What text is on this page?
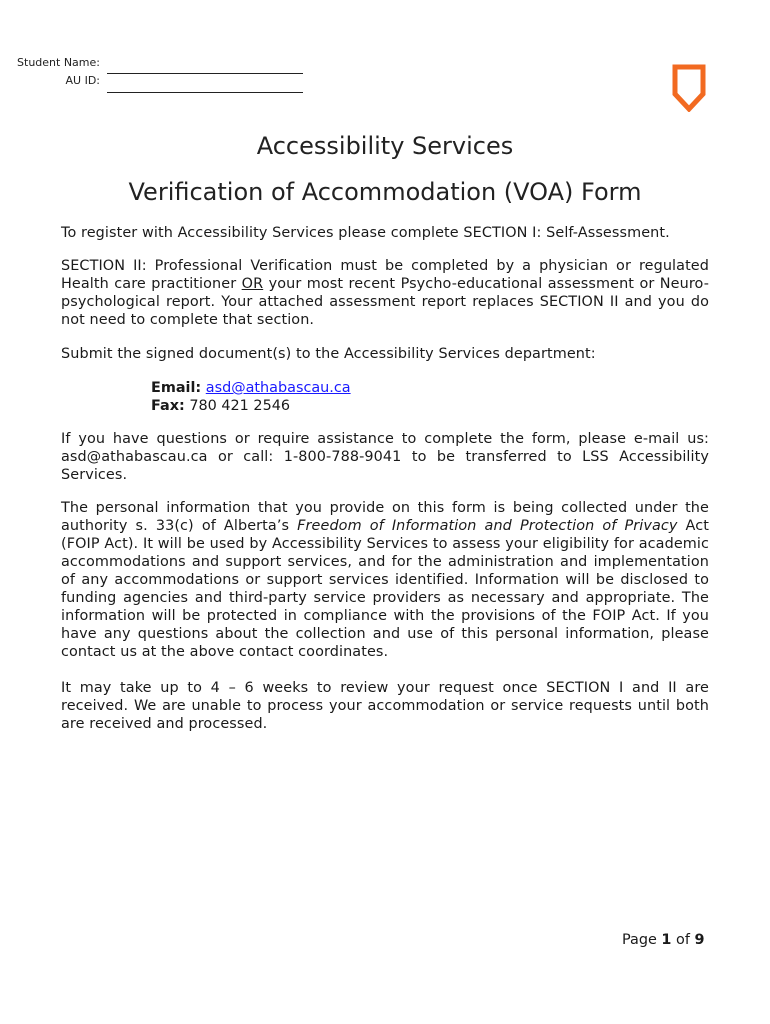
Student Name:
AU ID:
Accessibility Services
Verification of Accommodation (VOA) Form
To register with Accessibility Services please complete SECTION I: Self-Assessment.
SECTION II: Professional Verification must be completed by a physician or regulated Health care practitioner OR your most recent Psycho-educational assessment or Neuro-psychological report. Your attached assessment report replaces SECTION II and you do not need to complete that section.
Submit the signed document(s) to the Accessibility Services department:
Email: asd@athabascau.ca
Fax: 780 421 2546
If you have questions or require assistance to complete the form, please e-mail us: asd@athabascau.ca or call: 1-800-788-9041 to be transferred to LSS Accessibility Services.
The personal information that you provide on this form is being collected under the authority s. 33(c) of Alberta’s Freedom of Information and Protection of Privacy Act (FOIP Act). It will be used by Accessibility Services to assess your eligibility for academic accommodations and support services, and for the administration and implementation of any accommodations or support services identified. Information will be disclosed to funding agencies and third-party service providers as necessary and appropriate. The information will be protected in compliance with the provisions of the FOIP Act. If you have any questions about the collection and use of this personal information, please contact us at the above contact coordinates.
It may take up to 4 – 6 weeks to review your request once SECTION I and II are received. We are unable to process your accommodation or service requests until both are received and processed.
Page 1 of 9
